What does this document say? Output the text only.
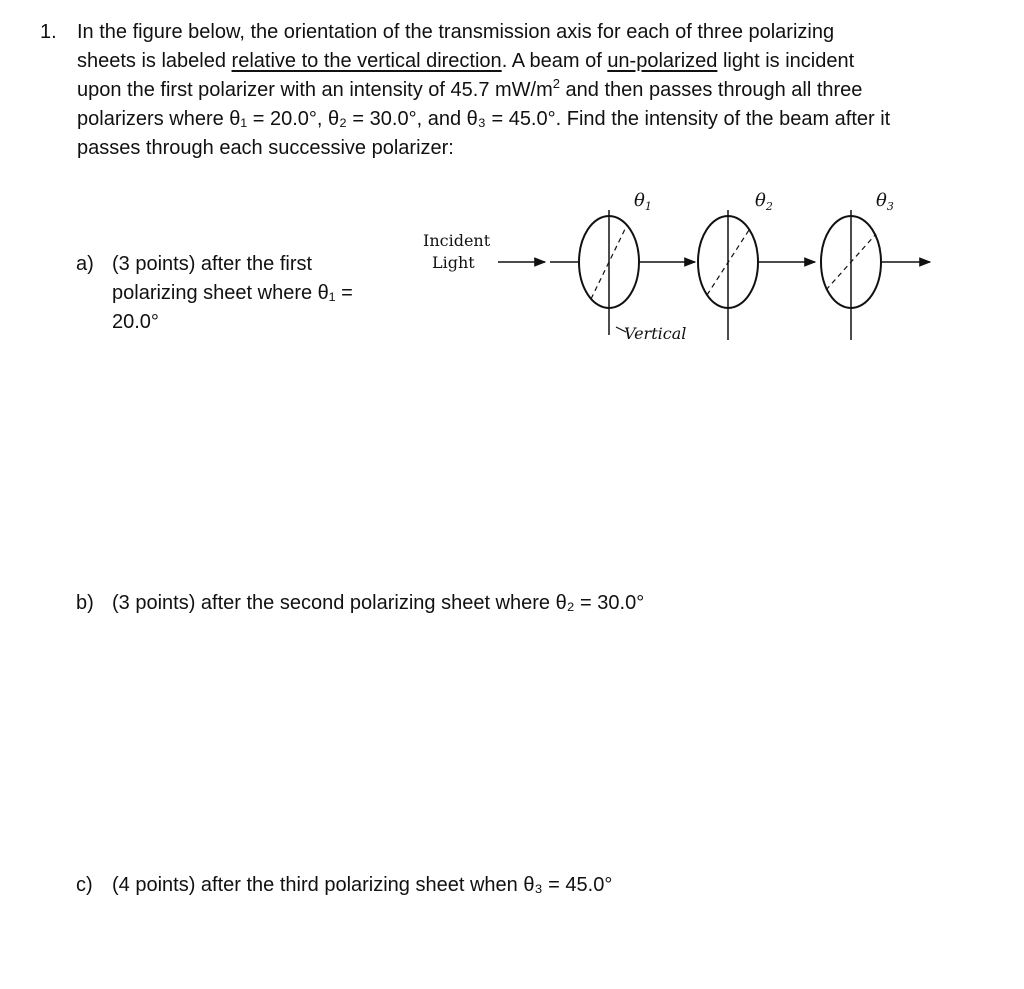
1. In the figure below, the orientation of the transmission axis for each of three polarizing
sheets is labeled relative to the vertical direction. A beam of un-polarized light is incident
upon the first polarizer with an intensity of 45.7 $mW/m^2$ and then passes through all three
polarizers where θ₁ = 20.0°, θ₂ = 30.0°, and θ₃ = 45.0°. Find the intensity of the beam after it
passes through each successive polarizer:
a) (3 points) after the first
polarizing sheet where θ₁ =
20.0°
Incident
Light
$\theta_1$	$\theta_2$	$\theta_3$
Vertical
b) (3 points) after the second polarizing sheet where θ₂ = 30.0°
c) (4 points) after the third polarizing sheet when θ₃ = 45.0°
